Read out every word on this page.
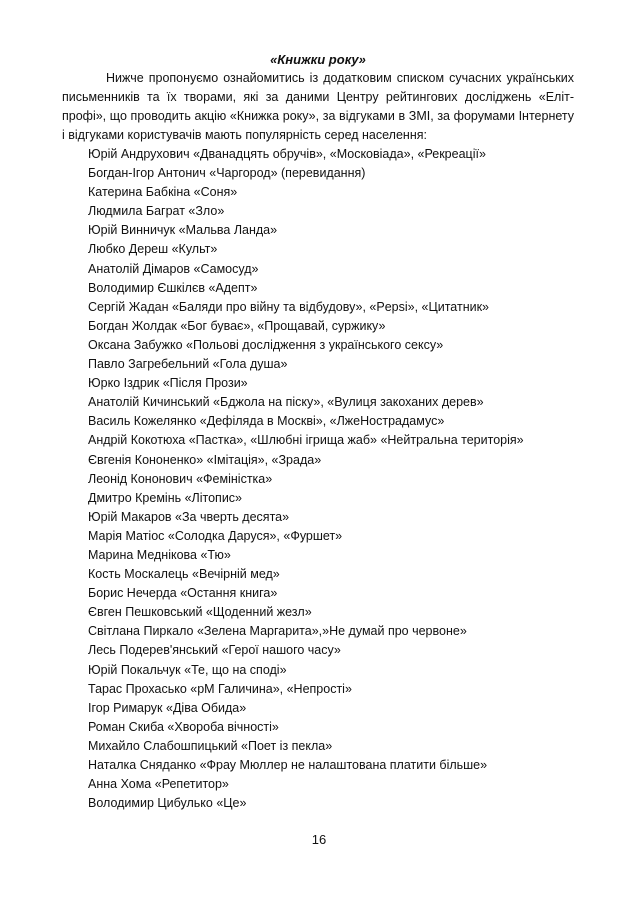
«Книжки року»

Нижче пропонуємо ознайомитись із додатковим списком сучасних українських письменників та їх творами, які за даними Центру рейтингових досліджень «Еліт-профі», що проводить акцію «Книжка року», за відгуками в ЗМІ, за форумами Інтернету і відгуками користувачів мають популярність серед населення:

Юрій Андрухович «Дванадцять обручів», «Московіада», «Рекреації»
Богдан-Ігор Антонич «Чаргород» (перевидання)
Катерина Бабкіна «Соня»
Людмила Баграт «Зло»
Юрій Винничук «Мальва Ланда»
Любко Дереш «Культ»
Анатолій Дімаров «Самосуд»
Володимир Єшкілєв «Адепт»
Сергій Жадан «Баляди про війну та відбудову», «Pepsi», «Цитатник»
Богдан Жолдак «Бог буває», «Прощавай, суржику»
Оксана Забужко «Польові дослідження з українського сексу»
Павло Загребельний «Гола душа»
Юрко Іздрик «Після Прози»
Анатолій Кичинський «Бджола на піску», «Вулиця закоханих дерев»
Василь Кожелянко «Дефіляда в Москві», «ЛжеНострадамус»
Андрій Кокотюха «Пастка», «Шлюбні ігрища жаб» «Нейтральна територія»
Євгенія Кононенко» «Імітація», «Зрада»
Леонід Кононович «Феміністка»
Дмитро Кремінь «Літопис»
Юрій Макаров «За чверть десята»
Марія Матіос «Солодка Даруся», «Фуршет»
Марина Меднікова «Тю»
Кость Москалець «Вечірній мед»
Борис Нечерда «Остання книга»
Євген Пешковський «Щоденний жезл»
Світлана Пиркало «Зелена Маргарита»,»Не думай про червоне»
Лесь Подерев'янський «Герої нашого часу»
Юрій Покальчук «Те, що на споді»
Тарас Прохасько «рМ Галичина», «Непрості»
Ігор Римарук «Діва Обида»
Роман Скиба «Хвороба вічності»
Михайло Слабошпицький «Поет із пекла»
Наталка Сняданко «Фрау Мюллер не налаштована платити більше»
Анна Хома «Репетитор»
Володимир Цибулько «Це»
16
